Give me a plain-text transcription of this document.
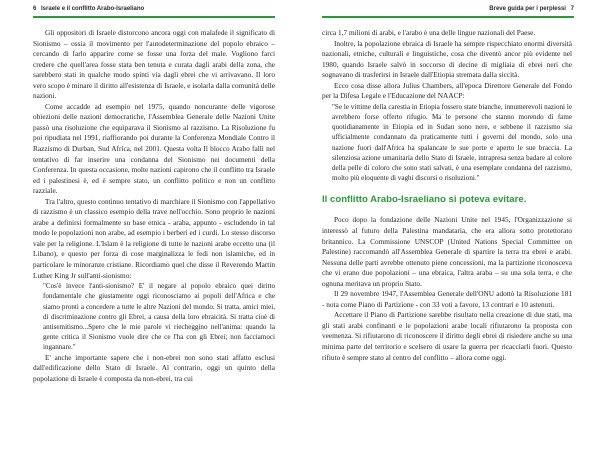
6 Israele e il conflitto Arabo-Israeliano

Gli oppositori di Israele distorcono ancora oggi con malafede il significato di Sionismo – ossia il movimento per l'autodeterminazione del popolo ebraico – cercando di farlo apparire come se fosse una forza del male. Vogliono farci credere che quell'area fosse stata ben tenuta e curata dagli arabi della zona, che sarebbero stati in qualche modo spinti via dagli ebrei che vi arrivavano. Il loro vero scopo è minare il diritto all'esistenza di Israele, e isolarla dalla comunità delle nazioni.

Come accadde ad esempio nel 1975, quando noncurante delle vigorose obiezioni delle nazioni democratiche, l'Assemblea Generale delle Nazioni Unite passò una risoluzione che equiparava il Sionismo al razzismo. La Risoluzione fu poi ripudiata nel 1991, riaffiorando poi durante la Conferenza Mondiale Contro il Razzismo di Durban, Sud Africa, nel 2001. Questa volta Il blocco Arabo fallì nel tentativo di far inserire una condanna del Sionismo nei documenti della Conferenza. In questa occasione, molte nazioni capirono che il conflitto tra Israele ed i palestinesi è, ed è sempre stato, un conflitto politico e non un conflitto razziale.

Tra l'altro, questo continuo tentativo di marchiare il Sionismo con l'appellativo di razzismo è un classico esempio della trave nell'occhio. Sono proprio le nazioni arabe a definirsi formalmente su base etnica - araba, appunto - escludendo in tal modo le popolazioni non arabe, ad esempio i berberi ed i curdi. Lo stesso discorso vale per la religione. L'Islam è la religione di tutte le nazioni arabe eccetto una (il Libano), e questo per forza di cose marginalizza le fedi non islamiche, ed in particolare le minoranze cristiane. Ricordiamo quel che disse il Reverendo Martin Luther King Jr sull'anti-sionismo:

"Cos'è invece l'anti-sionismo? E' il negare al popolo ebraico quei diritto fondamentale che giustamente oggi riconosciamo ai popoli dell'Africa e che siamo pronti a concedere a tutte le altre Nazioni del mondo. Si tratta, amici miei, di discriminazione contro gli Ebrei, a causa della loro ebraicità. Si tratta cioè di antisemitismo...Spero che le mie parole vi riecheggino nell'anima: quando la gente critica il Sionismo vuole dire che ce l'ha con gli Ebrei; non facciamoci ingannare."

E' anche importante sapere che i non-ebrei non sono stati affatto esclusi dall'edificazione dello Stato di Israele. Al contrario, oggi un quinto della popolazione di Israele è composta da non-ebrei, tra cui

Breve guida per i perplessi 7

circa 1,7 milioni di arabi, e l'arabo è una delle lingue nazionali del Paese.

Inoltre, la popolazione ebraica di Israele ha sempre rispecchiato enormi diversità nazionali, etniche, culturali e linguistiche, cosa che diventò ancor più evidente nel 1980, quando Israele salvò in soccorso di decine di migliaia di ebrei neri che sognavano di trasferirsi in Israele dall'Etiopia stremata dalla siccità.

Ecco cosa disse allora Julius Chambers, all'epoca Direttore Generale del Fondo per la Difesa Legale e l'Educazione del NAACP:

"Se le vittime della carestia in Etiopia fossero state bianche, innumerevoli nazioni le avrebbero forse offerto rifugio. Ma le persone che stanno morendo di fame quotidianamente in Etiopia ed in Sudan sono nere, e sebbene il razzismo sia ufficialmente condannato da praticamente tutti i governi del mondo, solo una nazione fuori dall'Africa ha spalancate le sue porte e aperto le sue braccia. La silenziosa azione umanitaria dello Stato di Israele, intrapresa senza badare al colore della pelle di coloro che sono stati salvati, è una esemplare condanna del razzismo, molto più eloquente di vaghi discorsi o risoluzioni."

Il conflitto Arabo-Israeliano si poteva evitare.

Poco dopo la fondazione delle Nazioni Unite nel 1945, l'Organizzazione si interessò al futuro della Palestina mandataria, che era allora sotto protettorato britannico. La Commissione UNSCOP (United Nations Special Committee on Palestine) raccomandò all'Assemblea Generale di spartire la terra tra ebrei e arabi. Nessuna delle parti avrebbe ottenuto piene concessioni, ma la partizione riconosceva che vi erano due popolazioni – una ebraica, l'altra araba – su una sola terra, e che ognuna meritava un proprio Stato.

Il 29 novembre 1947, l'Assemblea Generale dell'ONU adottò la Risoluzione 181 - nota come Piano di Partizione - con 33 voti a favore, 13 contrari e 10 astenuti.

Accettare il Piano di Partizione sarebbe risultato nella creazione di due stati, ma gli stati arabi confinanti e le popolazioni arabe locali rifiutarono la proposta con veemenza. Si rifiutarono di riconoscere il diritto degli ebrei di risiedere anche su una minima parte del territorio e scelsero di usare la guerra per ricacciarli fuori. Questo rifiuto è sempre stato al centro del conflitto – allora come oggi.
